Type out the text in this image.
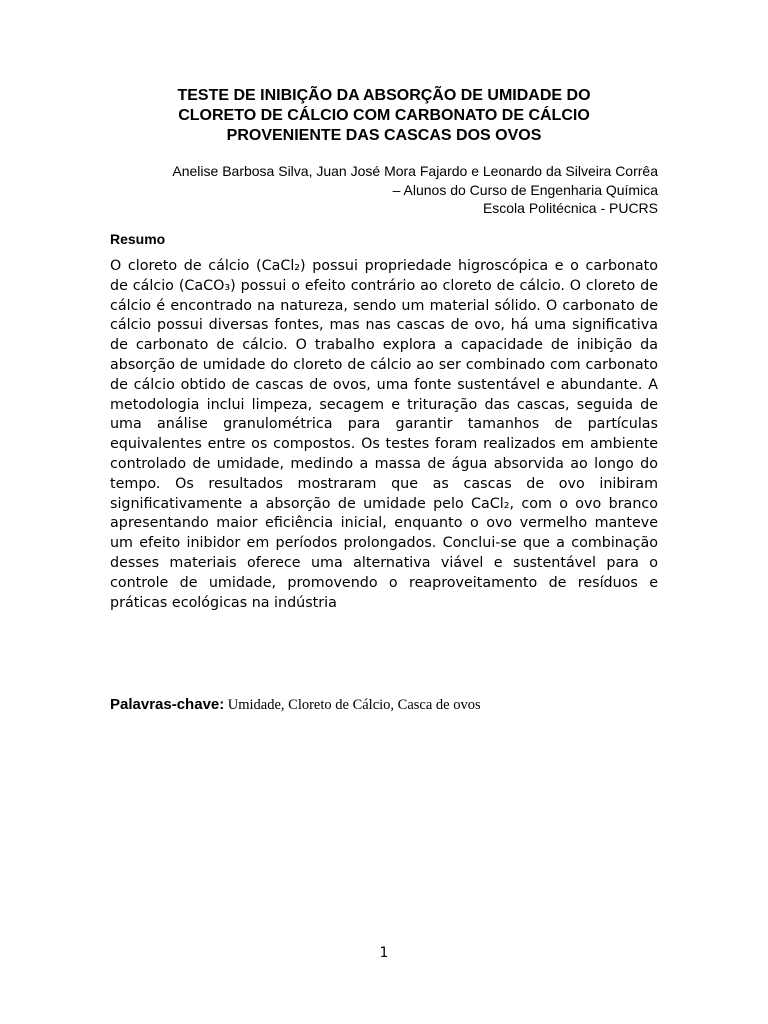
TESTE DE INIBIÇÃO DA ABSORÇÃO DE UMIDADE DO
CLORETO DE CÁLCIO COM CARBONATO DE CÁLCIO
PROVENIENTE DAS CASCAS DOS OVOS
Anelise Barbosa Silva, Juan José Mora Fajardo e Leonardo da Silveira Corrêa
– Alunos do Curso de Engenharia Química
Escola Politécnica - PUCRS
Resumo

O cloreto de cálcio (CaCl₂) possui propriedade higroscópica e o carbonato de cálcio (CaCO₃) possui o efeito contrário ao cloreto de cálcio. O cloreto de cálcio é encontrado na natureza, sendo um material sólido. O carbonato de cálcio possui diversas fontes, mas nas cascas de ovo, há uma significativa de carbonato de cálcio. O trabalho explora a capacidade de inibição da absorção de umidade do cloreto de cálcio ao ser combinado com carbonato de cálcio obtido de cascas de ovos, uma fonte sustentável e abundante. A metodologia inclui limpeza, secagem e trituração das cascas, seguida de uma análise granulométrica para garantir tamanhos de partículas equivalentes entre os compostos. Os testes foram realizados em ambiente controlado de umidade, medindo a massa de água absorvida ao longo do tempo. Os resultados mostraram que as cascas de ovo inibiram significativamente a absorção de umidade pelo CaCl₂, com o ovo branco apresentando maior eficiência inicial, enquanto o ovo vermelho manteve um efeito inibidor em períodos prolongados. Conclui-se que a combinação desses materiais oferece uma alternativa viável e sustentável para o controle de umidade, promovendo o reaproveitamento de resíduos e práticas ecológicas na indústria

Palavras-chave: Umidade, Cloreto de Cálcio, Casca de ovos

1
